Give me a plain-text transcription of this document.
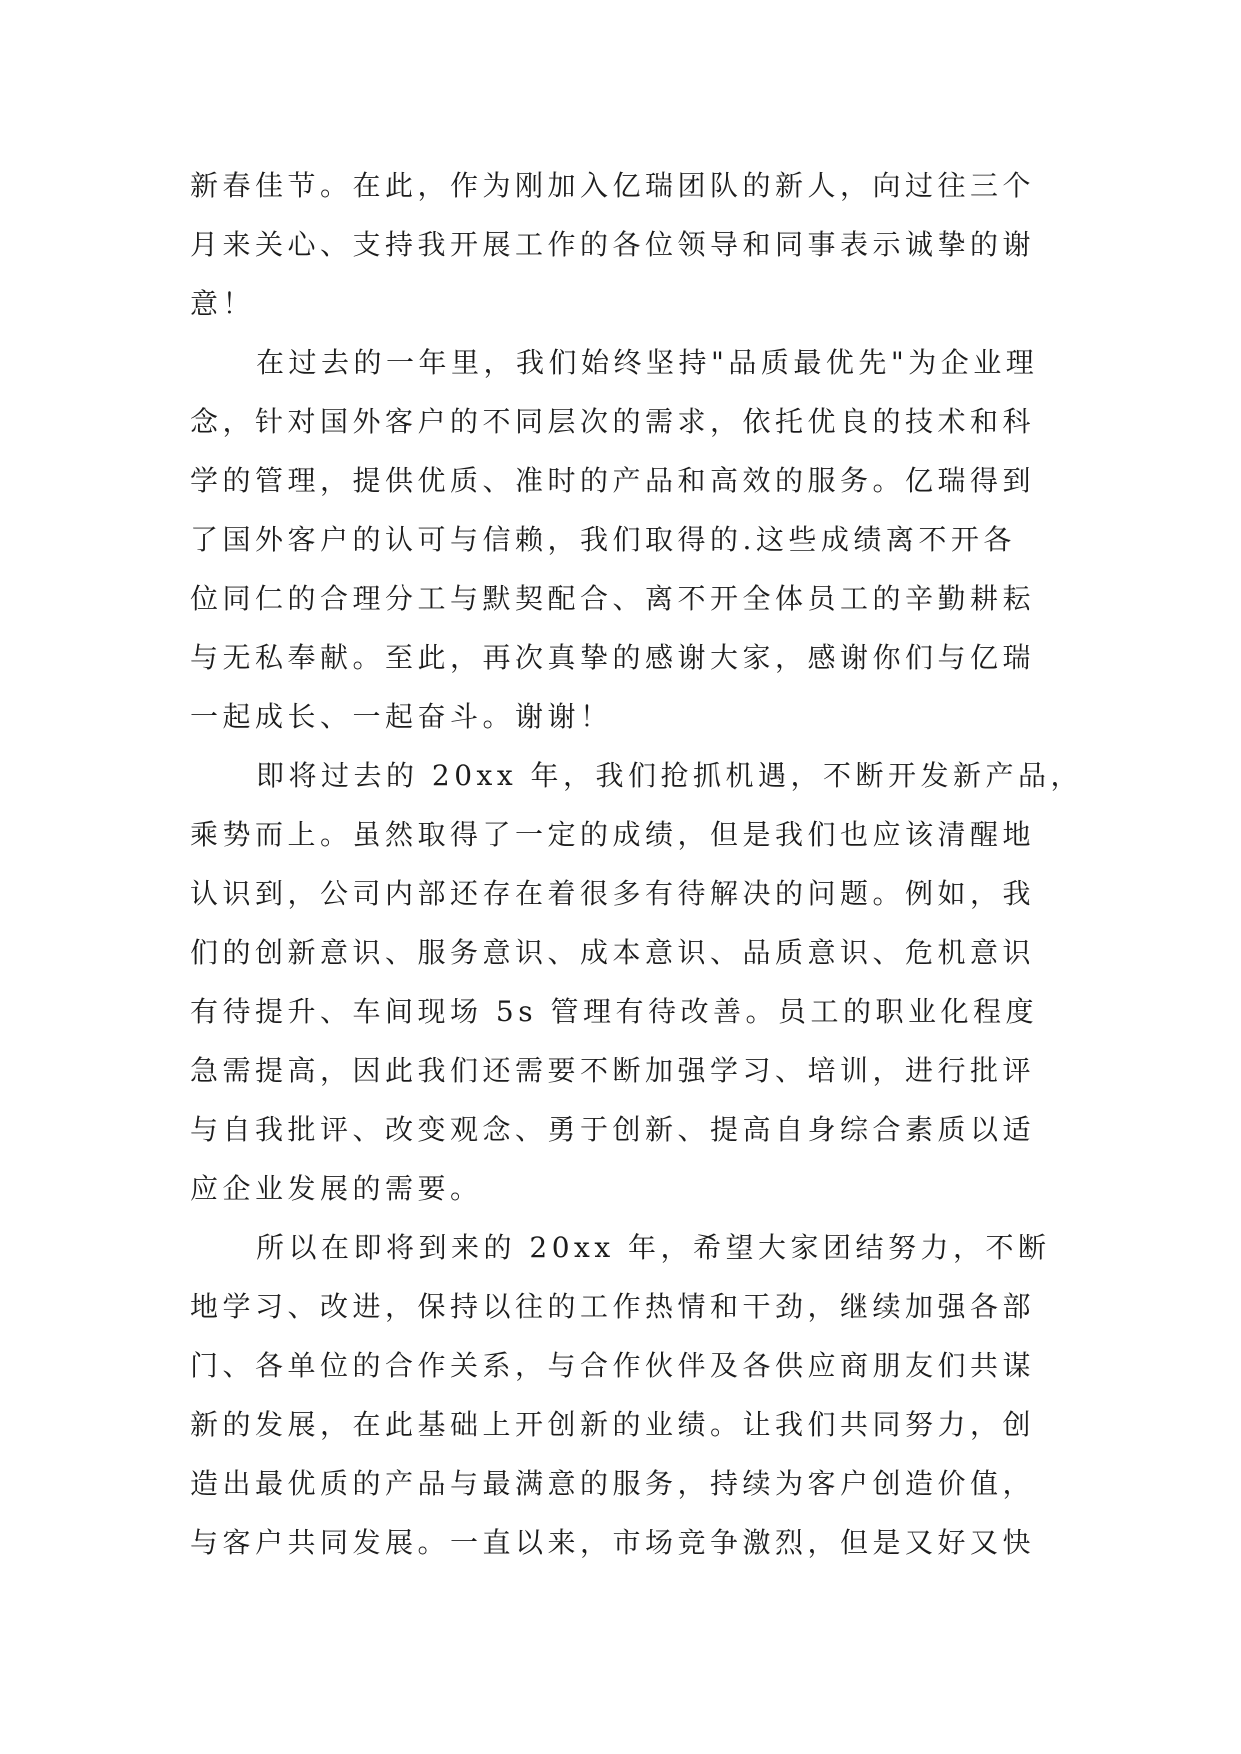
新春佳节。在此，作为刚加入亿瑞团队的新人，向过往三个
月来关心、支持我开展工作的各位领导和同事表示诚挚的谢
意！
在过去的一年里，我们始终坚持"品质最优先"为企业理
念，针对国外客户的不同层次的需求，依托优良的技术和科
学的管理，提供优质、准时的产品和高效的服务。亿瑞得到
了国外客户的认可与信赖，我们取得的.这些成绩离不开各
位同仁的合理分工与默契配合、离不开全体员工的辛勤耕耘
与无私奉献。至此，再次真挚的感谢大家，感谢你们与亿瑞
一起成长、一起奋斗。谢谢！
即将过去的 20xx 年，我们抢抓机遇，不断开发新产品，
乘势而上。虽然取得了一定的成绩，但是我们也应该清醒地
认识到，公司内部还存在着很多有待解决的问题。例如，我
们的创新意识、服务意识、成本意识、品质意识、危机意识
有待提升、车间现场 5s 管理有待改善。员工的职业化程度
急需提高，因此我们还需要不断加强学习、培训，进行批评
与自我批评、改变观念、勇于创新、提高自身综合素质以适
应企业发展的需要。
所以在即将到来的 20xx 年，希望大家团结努力，不断
地学习、改进，保持以往的工作热情和干劲，继续加强各部
门、各单位的合作关系，与合作伙伴及各供应商朋友们共谋
新的发展，在此基础上开创新的业绩。让我们共同努力，创
造出最优质的产品与最满意的服务，持续为客户创造价值，
与客户共同发展。一直以来，市场竞争激烈，但是又好又快
